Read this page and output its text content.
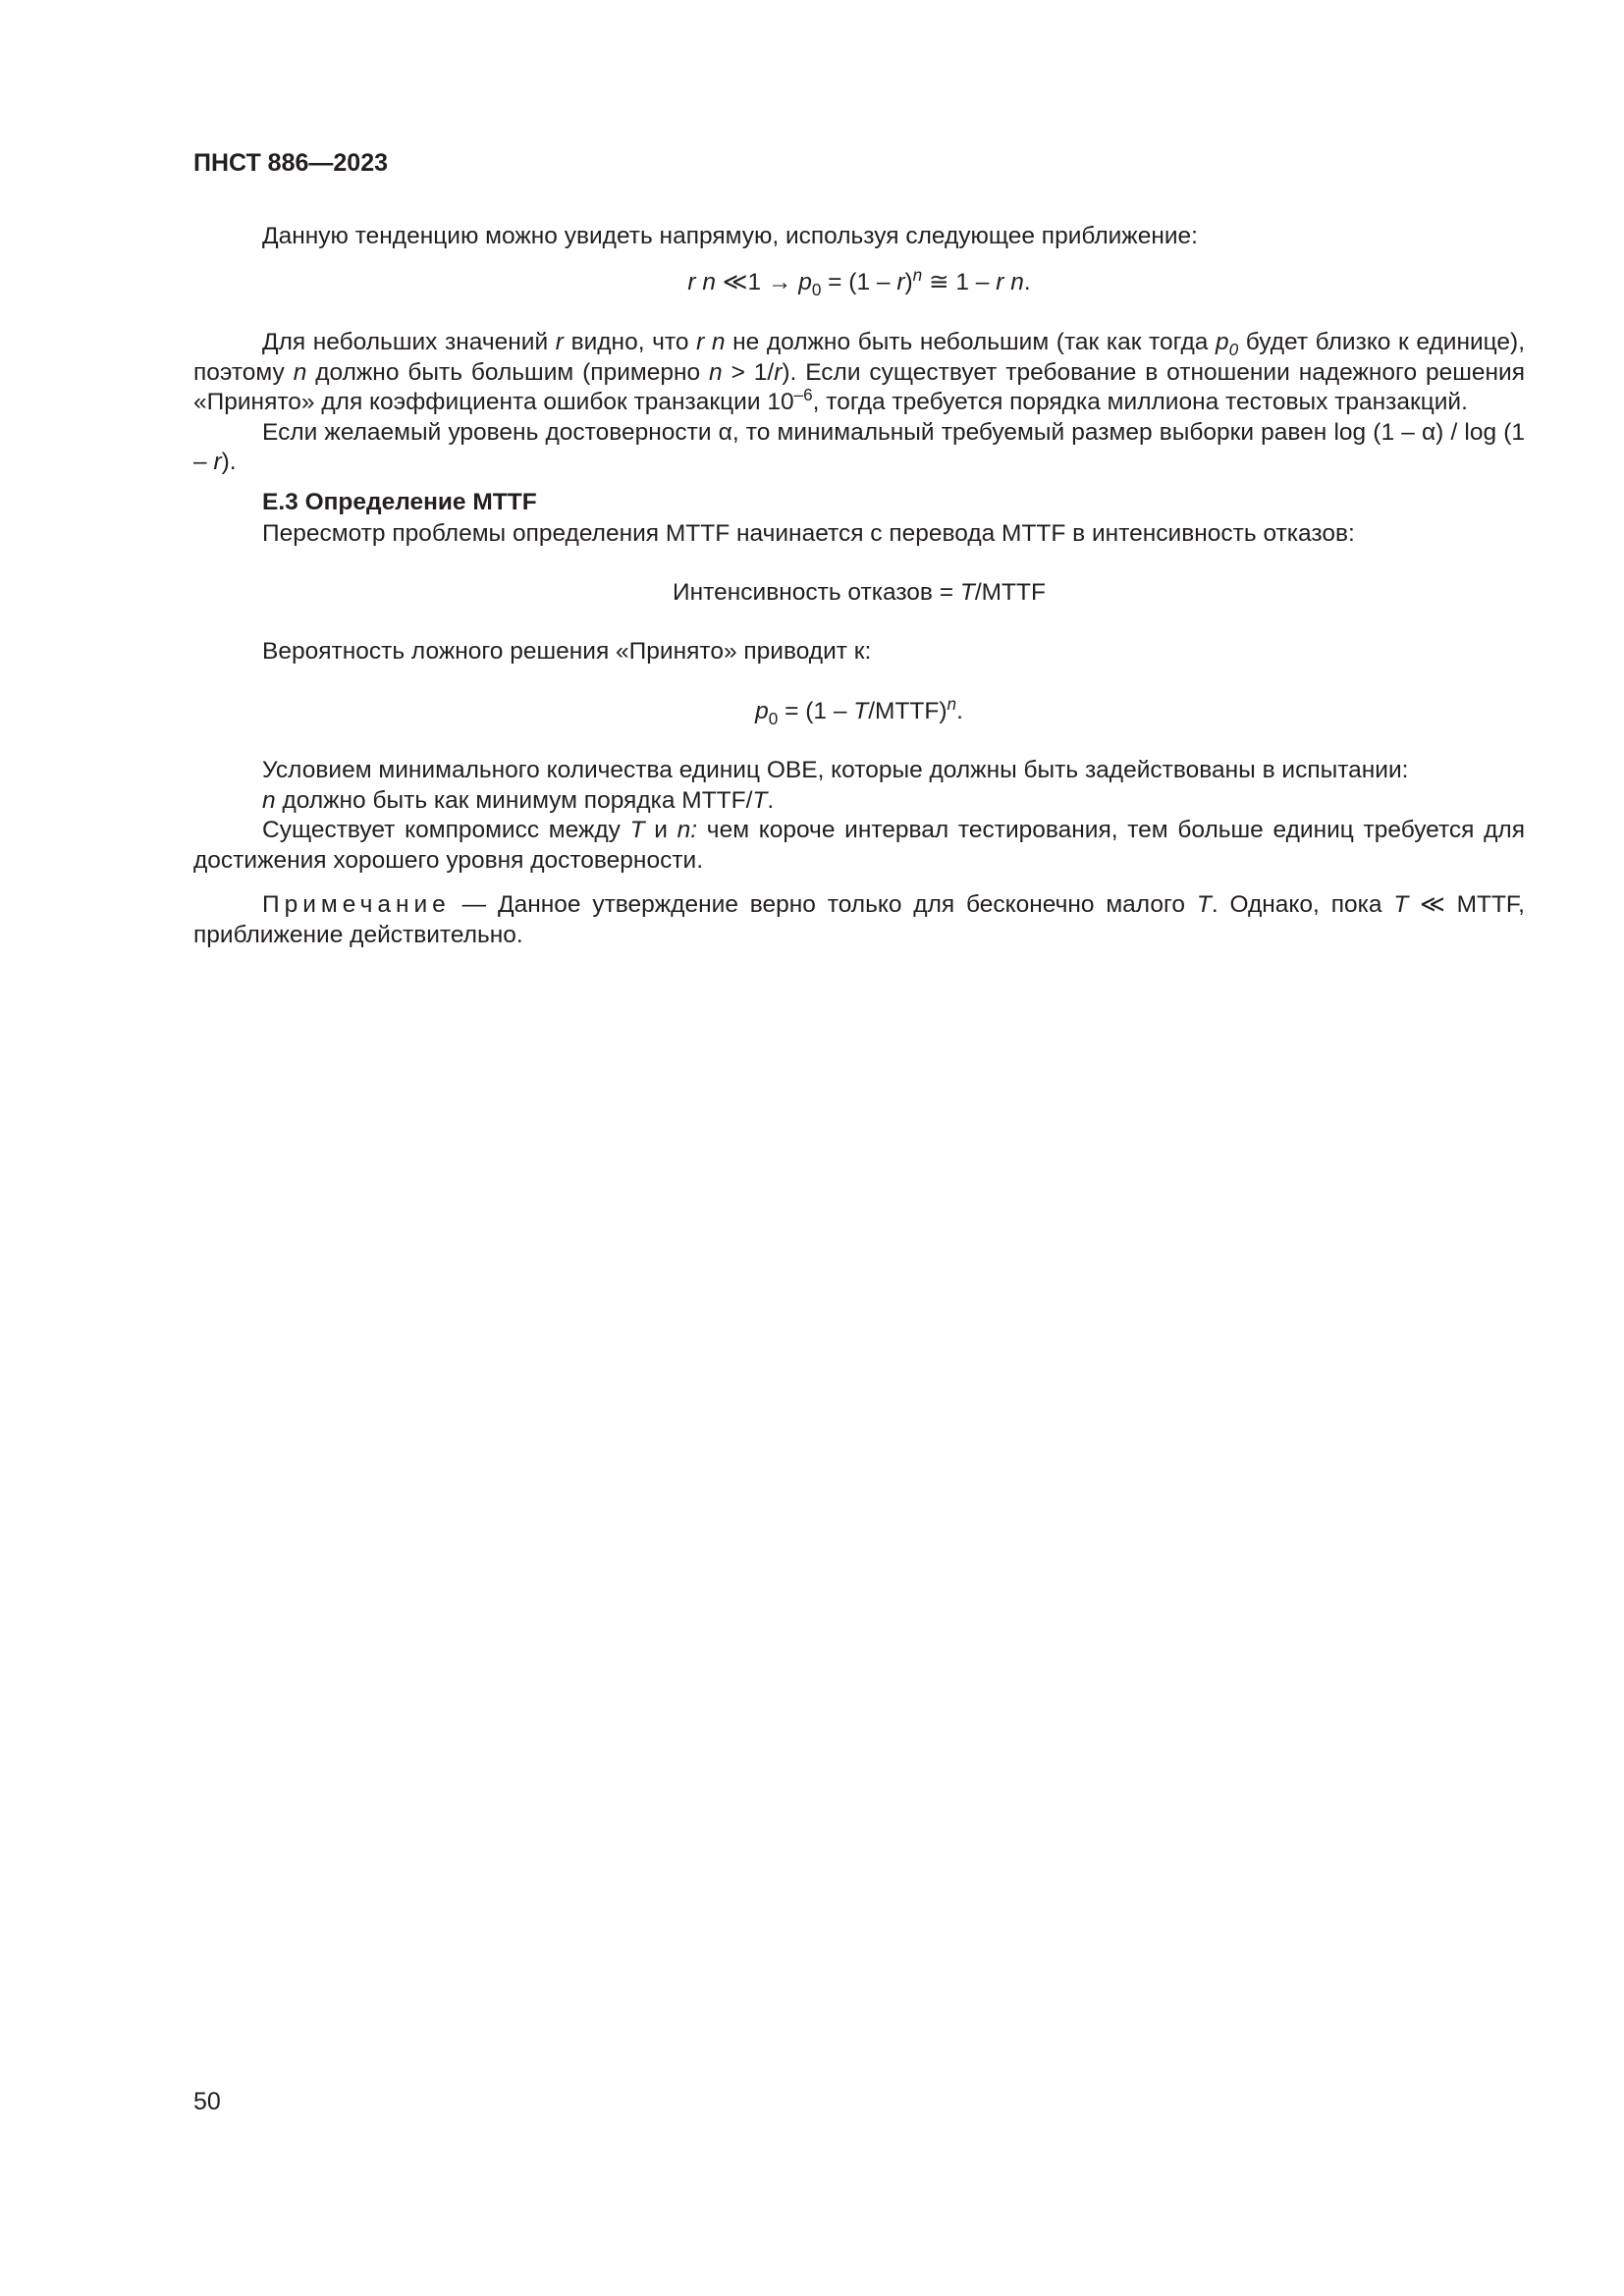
ПНСТ 886—2023

Данную тенденцию можно увидеть напрямую, используя следующее приближение:

r n ≪1 → $p_0 = (1 - r)^n$ ≅ 1 – r n.

Для небольших значений r видно, что r n не должно быть небольшим (так как тогда $p_0$ будет близко к единице), поэтому n должно быть большим (примерно n > 1/r). Если существует требование в отношении надежного решения «Принято» для коэффициента ошибок транзакции $10^{-6}$, тогда требуется порядка миллиона тестовых транзакций.

Если желаемый уровень достоверности α, то минимальный требуемый размер выборки равен log (1 – α) / log (1 – r).

E.3 Определение MTTF

Пересмотр проблемы определения MTTF начинается с перевода MTTF в интенсивность отказов:

Интенсивность отказов = T/MTTF

Вероятность ложного решения «Принято» приводит к:

$p_0 = (1$ – T/MTTF)$^n$.

Условием минимального количества единиц ОВЕ, которые должны быть задействованы в испытании:

n должно быть как минимум порядка MTTF/T.

Существует компромисс между T и n: чем короче интервал тестирования, тем больше единиц требуется для достижения хорошего уровня достоверности.

Примечание — Данное утверждение верно только для бесконечно малого T. Однако, пока T ≪ MTTF, приближение действительно.

50
